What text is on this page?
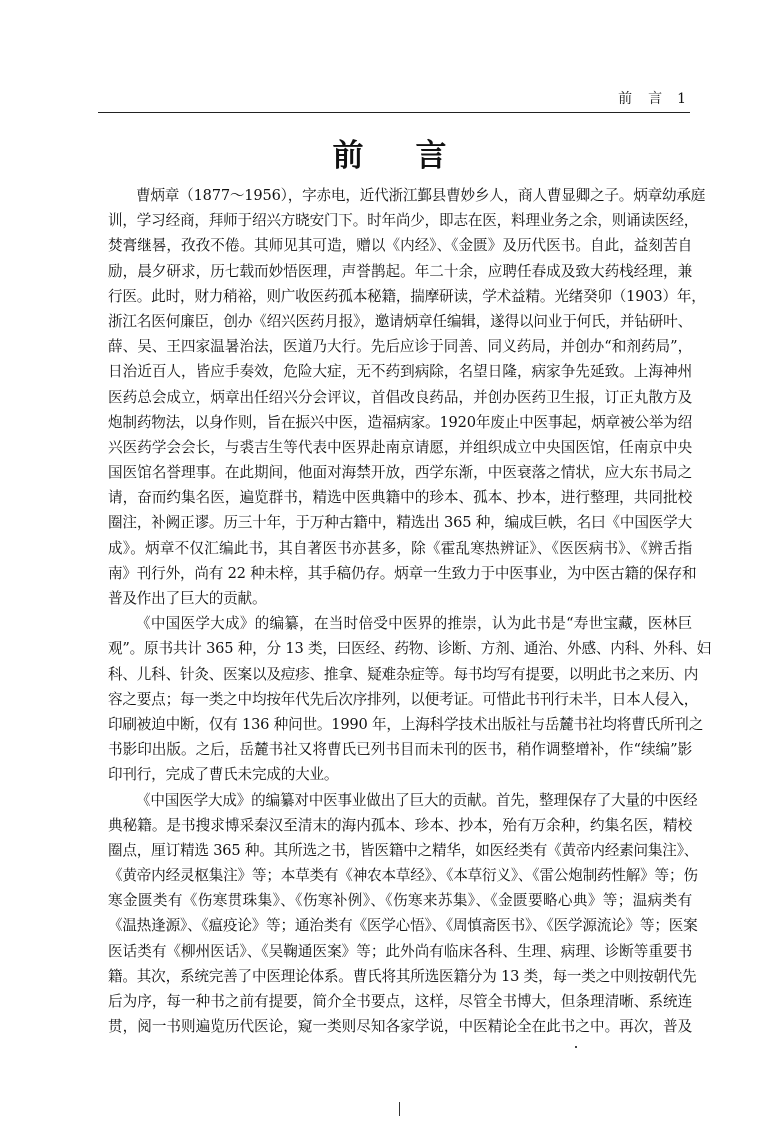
前　言 1
前 言
曹炳章（1877～1956），字赤电，近代浙江鄞县曹妙乡人，商人曹显卿之子。炳章幼承庭
训，学习经商，拜师于绍兴方晓安门下。时年尚少，即志在医，料理业务之余，则诵读医经，
焚膏继晷，孜孜不倦。其师见其可造，赠以《内经》、《金匮》及历代医书。自此，益刻苦自
励，晨夕研求，历七载而妙悟医理，声誉鹊起。年二十余，应聘任春成及致大药栈经理，兼
行医。此时，财力稍裕，则广收医药孤本秘籍，揣摩研读，学术益精。光绪癸卯（1903）年，
浙江名医何廉臣，创办《绍兴医药月报》，邀请炳章任编辑，遂得以问业于何氏，并钻研叶、
薛、吴、王四家温暑治法，医道乃大行。先后应诊于同善、同义药局，并创办“和剂药局”，
日治近百人，皆应手奏效，危险大症，无不药到病除，名望日隆，病家争先延致。上海神州
医药总会成立，炳章出任绍兴分会评议，首倡改良药品，并创办医药卫生报，订正丸散方及
炮制药物法，以身作则，旨在振兴中医，造福病家。1920年废止中医事起，炳章被公举为绍
兴医药学会会长，与裘吉生等代表中医界赴南京请愿，并组织成立中央国医馆，任南京中央
国医馆名誉理事。在此期间，他面对海禁开放，西学东渐，中医衰落之情状，应大东书局之
请，奋而约集名医，遍览群书，精选中医典籍中的珍本、孤本、抄本，进行整理，共同批校
圈注，补阙正谬。历三十年，于万种古籍中，精选出 365 种，编成巨帙，名曰《中国医学大
成》。炳章不仅汇编此书，其自著医书亦甚多，除《霍乱寒热辨证》、《医医病书》、《辨舌指
南》刊行外，尚有 22 种未梓，其手稿仍存。炳章一生致力于中医事业，为中医古籍的保存和
普及作出了巨大的贡献。
《中国医学大成》的编纂，在当时倍受中医界的推崇，认为此书是“寿世宝藏，医林巨
观”。原书共计 365 种，分 13 类，曰医经、药物、诊断、方剂、通治、外感、内科、外科、妇
科、儿科、针灸、医案以及痘疹、推拿、疑难杂症等。每书均写有提要，以明此书之来历、内
容之要点；每一类之中均按年代先后次序排列，以便考证。可惜此书刊行未半，日本人侵入，
印刷被迫中断，仅有 136 种问世。1990 年，上海科学技术出版社与岳麓书社均将曹氏所刊之
书影印出版。之后，岳麓书社又将曹氏已列书目而未刊的医书，稍作调整增补，作“续编”影
印刊行，完成了曹氏未完成的大业。
《中国医学大成》的编纂对中医事业做出了巨大的贡献。首先，整理保存了大量的中医经
典秘籍。是书搜求博采秦汉至清末的海内孤本、珍本、抄本，殆有万余种，约集名医，精校
圈点，厘订精选 365 种。其所选之书，皆医籍中之精华，如医经类有《黄帝内经素问集注》、
《黄帝内经灵枢集注》等；本草类有《神农本草经》、《本草衍义》、《雷公炮制药性解》等；伤
寒金匮类有《伤寒贯珠集》、《伤寒补例》、《伤寒来苏集》、《金匮要略心典》等；温病类有
《温热逢源》、《瘟疫论》等；通治类有《医学心悟》、《周慎斋医书》、《医学源流论》等；医案
医话类有《柳州医话》、《吴鞠通医案》等；此外尚有临床各科、生理、病理、诊断等重要书
籍。其次，系统完善了中医理论体系。曹氏将其所选医籍分为 13 类，每一类之中则按朝代先
后为序，每一种书之前有提要，简介全书要点，这样，尽管全书博大，但条理清晰、系统连
贯，阅一书则遍览历代医论，窥一类则尽知各家学说，中医精论全在此书之中。再次，普及
